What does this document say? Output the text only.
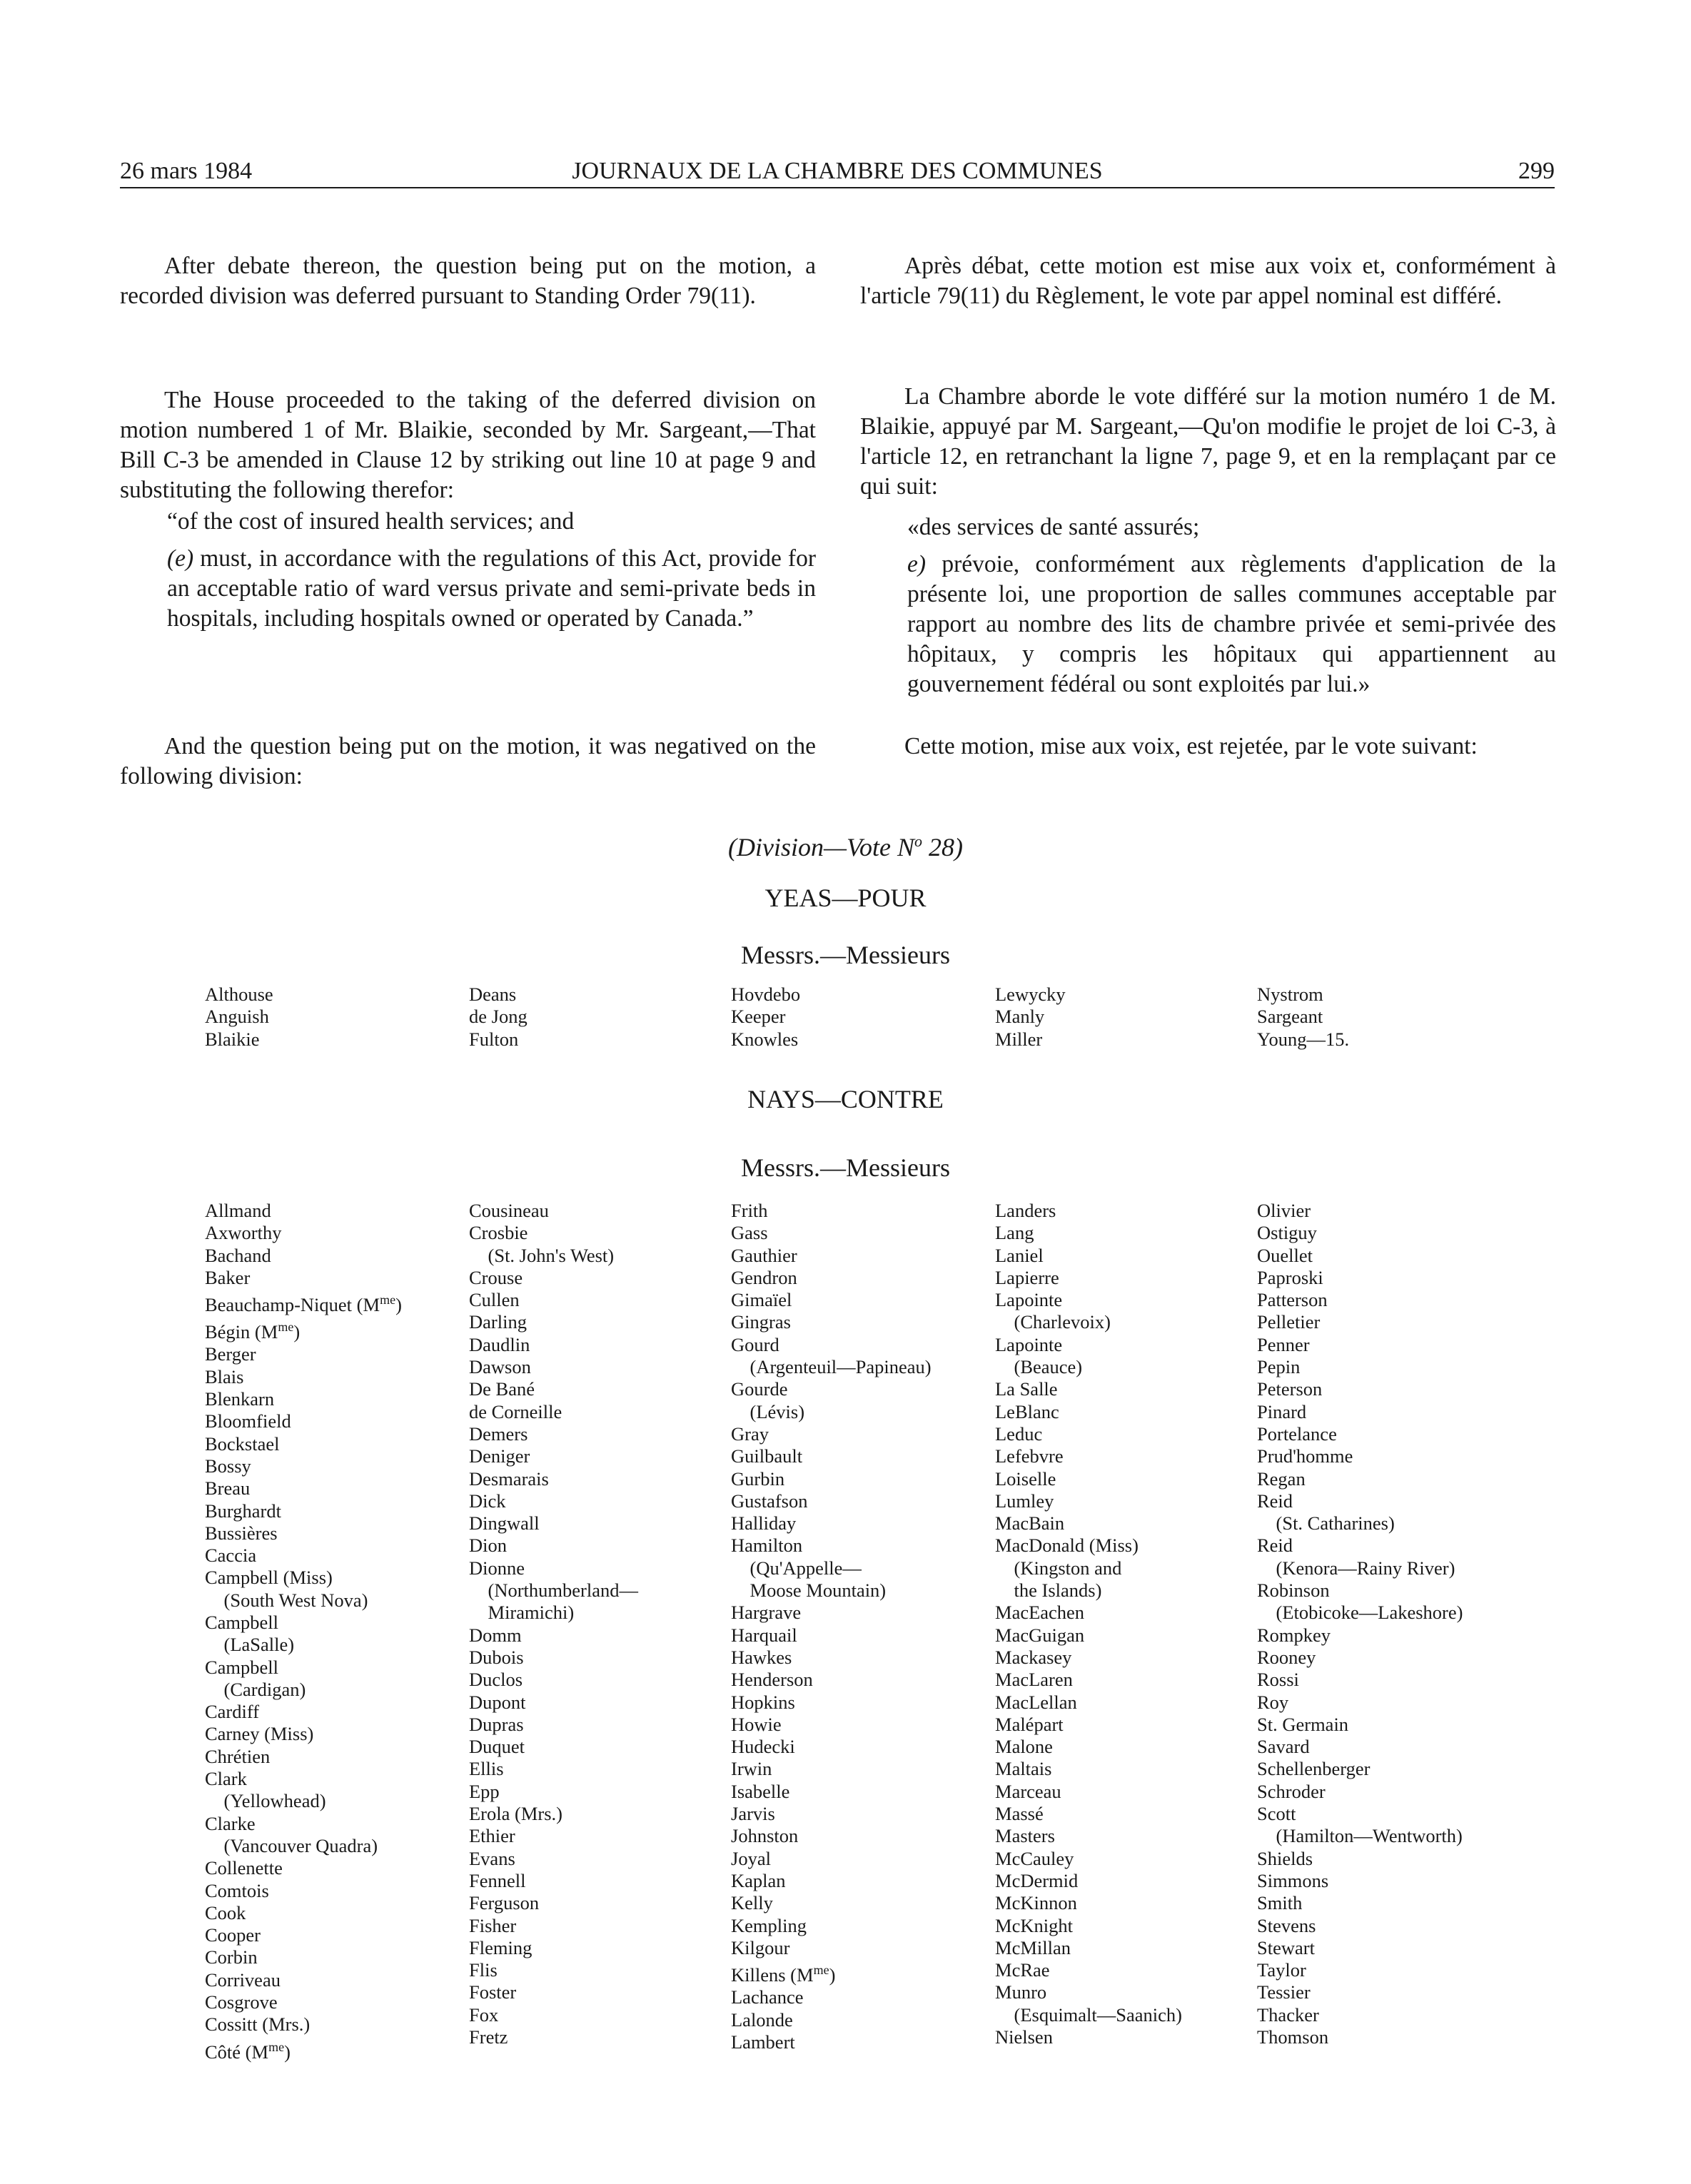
26 mars 1984	JOURNAUX DE LA CHAMBRE DES COMMUNES	299

After debate thereon, the question being put on the motion, a recorded division was deferred pursuant to Standing Order 79(11).

The House proceeded to the taking of the deferred division on motion numbered 1 of Mr. Blaikie, seconded by Mr. Sargeant,—That Bill C-3 be amended in Clause 12 by striking out line 10 at page 9 and substituting the following therefor:

“of the cost of insured health services; and

(e) must, in accordance with the regulations of this Act, provide for an acceptable ratio of ward versus private and semi-private beds in hospitals, including hospitals owned or operated by Canada.”

And the question being put on the motion, it was negatived on the following division:

Après débat, cette motion est mise aux voix et, conformément à l'article 79(11) du Règlement, le vote par appel nominal est différé.

La Chambre aborde le vote différé sur la motion numéro 1 de M. Blaikie, appuyé par M. Sargeant,—Qu'on modifie le projet de loi C-3, à l'article 12, en retranchant la ligne 7, page 9, et en la remplaçant par ce qui suit:

«des services de santé assurés;

e) prévoie, conformément aux règlements d'application de la présente loi, une proportion de salles communes acceptable par rapport au nombre des lits de chambre privée et semi-privée des hôpitaux, y compris les hôpitaux qui appartiennent au gouvernement fédéral ou sont exploités par lui.»

Cette motion, mise aux voix, est rejetée, par le vote suivant:

(Division—Vote $N^o$ 28)
YEAS—POUR
Messrs.—Messieurs
Althouse
Anguish
Blaikie
Deans
de Jong
Fulton
Hovdebo
Keeper
Knowles
Lewycky
Manly
Miller
Nystrom
Sargeant
Young—15.
NAYS—CONTRE
Messrs.—Messieurs
Allmand
Axworthy
Bachand
Baker
Beauchamp-Niquet $(M^{me})$
Bégin $(M^{me})$
Berger
Blais
Blenkarn
Bloomfield
Bockstael
Bossy
Breau
Burghardt
Bussières
Caccia
Campbell (Miss)
(South West Nova)
Campbell
(LaSalle)
Campbell
(Cardigan)
Cardiff
Carney (Miss)
Chrétien
Clark
(Yellowhead)
Clarke
(Vancouver Quadra)
Collenette
Comtois
Cook
Cooper
Corbin
Corriveau
Cosgrove
Cossitt (Mrs.)
Côté $(M^{me})$
Cousineau
Crosbie
(St. John's West)
Crouse
Cullen
Darling
Daudlin
Dawson
De Bané
de Corneille
Demers
Deniger
Desmarais
Dick
Dingwall
Dion
Dionne
(Northumberland—
Miramichi)
Domm
Dubois
Duclos
Dupont
Dupras
Duquet
Ellis
Epp
Erola (Mrs.)
Ethier
Evans
Fennell
Ferguson
Fisher
Fleming
Flis
Foster
Fox
Fretz
Frith
Gass
Gauthier
Gendron
Gimaïel
Gingras
Gourd
(Argenteuil—Papineau)
Gourde
(Lévis)
Gray
Guilbault
Gurbin
Gustafson
Halliday
Hamilton
(Qu'Appelle—
Moose Mountain)
Hargrave
Harquail
Hawkes
Henderson
Hopkins
Howie
Hudecki
Irwin
Isabelle
Jarvis
Johnston
Joyal
Kaplan
Kelly
Kempling
Kilgour
Killens $(M^{me})$
Lachance
Lalonde
Lambert
Landers
Lang
Laniel
Lapierre
Lapointe
(Charlevoix)
Lapointe
(Beauce)
La Salle
LeBlanc
Leduc
Lefebvre
Loiselle
Lumley
MacBain
MacDonald (Miss)
(Kingston and
the Islands)
MacEachen
MacGuigan
Mackasey
MacLaren
MacLellan
Malépart
Malone
Maltais
Marceau
Massé
Masters
McCauley
McDermid
McKinnon
McKnight
McMillan
McRae
Munro
(Esquimalt—Saanich)
Nielsen
Olivier
Ostiguy
Ouellet
Paproski
Patterson
Pelletier
Penner
Pepin
Peterson
Pinard
Portelance
Prud'homme
Regan
Reid
(St. Catharines)
Reid
(Kenora—Rainy River)
Robinson
(Etobicoke—Lakeshore)
Rompkey
Rooney
Rossi
Roy
St. Germain
Savard
Schellenberger
Schroder
Scott
(Hamilton—Wentworth)
Shields
Simmons
Smith
Stevens
Stewart
Taylor
Tessier
Thacker
Thomson
